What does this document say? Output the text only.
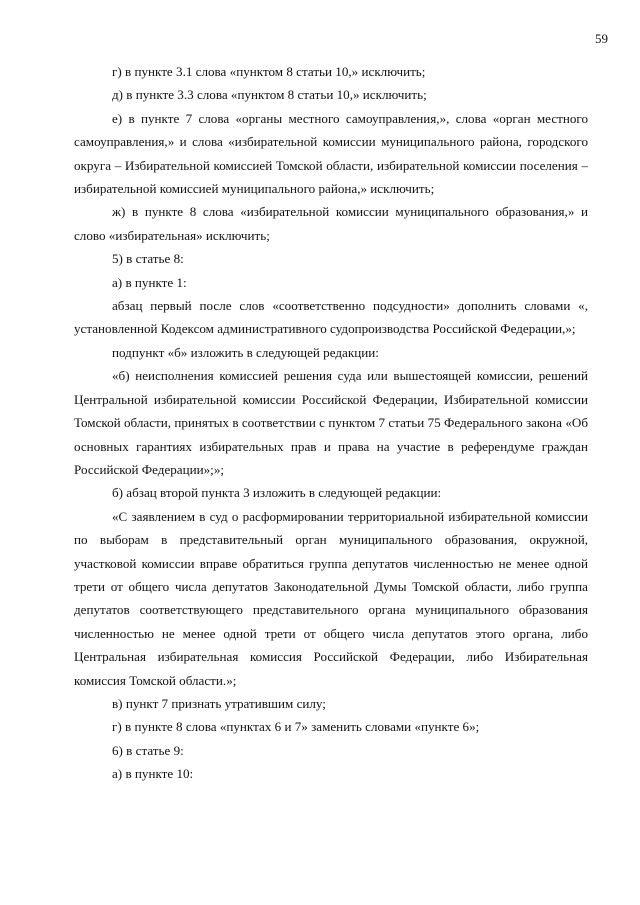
59

г) в пункте 3.1 слова «пунктом 8 статьи 10,» исключить;

д) в пункте 3.3 слова «пунктом 8 статьи 10,» исключить;

е) в пункте 7 слова «органы местного самоуправления,», слова «орган местного самоуправления,» и слова «избирательной комиссии муниципального района, городского округа – Избирательной комиссией Томской области, избирательной комиссии поселения – избирательной комиссией муниципального района,» исключить;

ж) в пункте 8 слова «избирательной комиссии муниципального образования,» и слово «избирательная» исключить;

5) в статье 8:

а) в пункте 1:

абзац первый после слов «соответственно подсудности» дополнить словами «, установленной Кодексом административного судопроизводства Российской Федерации,»;

подпункт «б» изложить в следующей редакции:

«б) неисполнения комиссией решения суда или вышестоящей комиссии, решений Центральной избирательной комиссии Российской Федерации, Избирательной комиссии Томской области, принятых в соответствии с пунктом 7 статьи 75 Федерального закона «Об основных гарантиях избирательных прав и права на участие в референдуме граждан Российской Федерации»;»;

б) абзац второй пункта 3 изложить в следующей редакции:

«С заявлением в суд о расформировании территориальной избирательной комиссии по выборам в представительный орган муниципального образования, окружной, участковой комиссии вправе обратиться группа депутатов численностью не менее одной трети от общего числа депутатов Законодательной Думы Томской области, либо группа депутатов соответствующего представительного органа муниципального образования численностью не менее одной трети от общего числа депутатов этого органа, либо Центральная избирательная комиссия Российской Федерации, либо Избирательная комиссия Томской области.»;

в) пункт 7 признать утратившим силу;

г) в пункте 8 слова «пунктах 6 и 7» заменить словами «пункте 6»;

6) в статье 9:

а) в пункте 10:
